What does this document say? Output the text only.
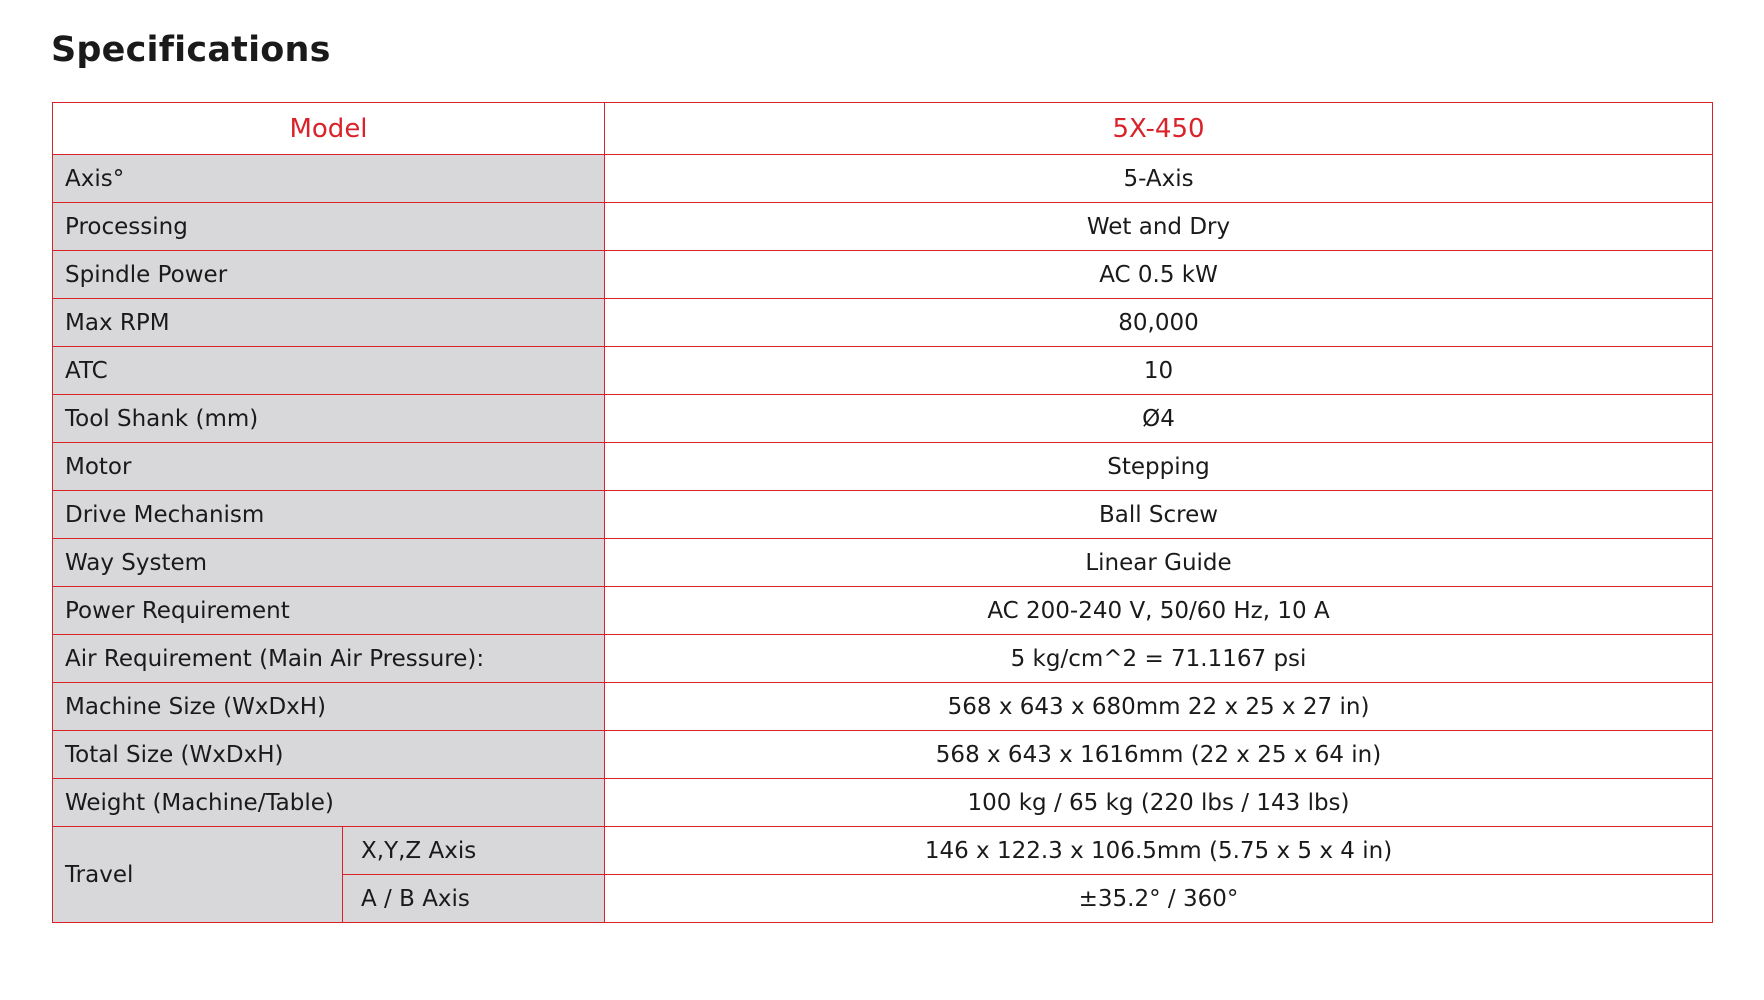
Specifications
Model		5X-450
Axis°		5-Axis
Processing		Wet and Dry
Spindle Power		AC 0.5 kW
Max RPM		80,000
ATC		10
Tool Shank (mm)		Ø4
Motor		Stepping
Drive Mechanism		Ball Screw
Way System		Linear Guide
Power Requirement		AC 200-240 V, 50/60 Hz, 10 A
Air Requirement (Main Air Pressure):		5 kg/cm^2 = 71.1167 psi
Machine Size (WxDxH)		568 x 643 x 680mm 22 x 25 x 27 in)
Total Size (WxDxH)		568 x 643 x 1616mm (22 x 25 x 64 in)
Weight (Machine/Table)		100 kg / 65 kg (220 lbs / 143 lbs)
Travel	X,Y,Z Axis	146 x 122.3 x 106.5mm (5.75 x 5 x 4 in)
	A / B Axis	±35.2° / 360°
